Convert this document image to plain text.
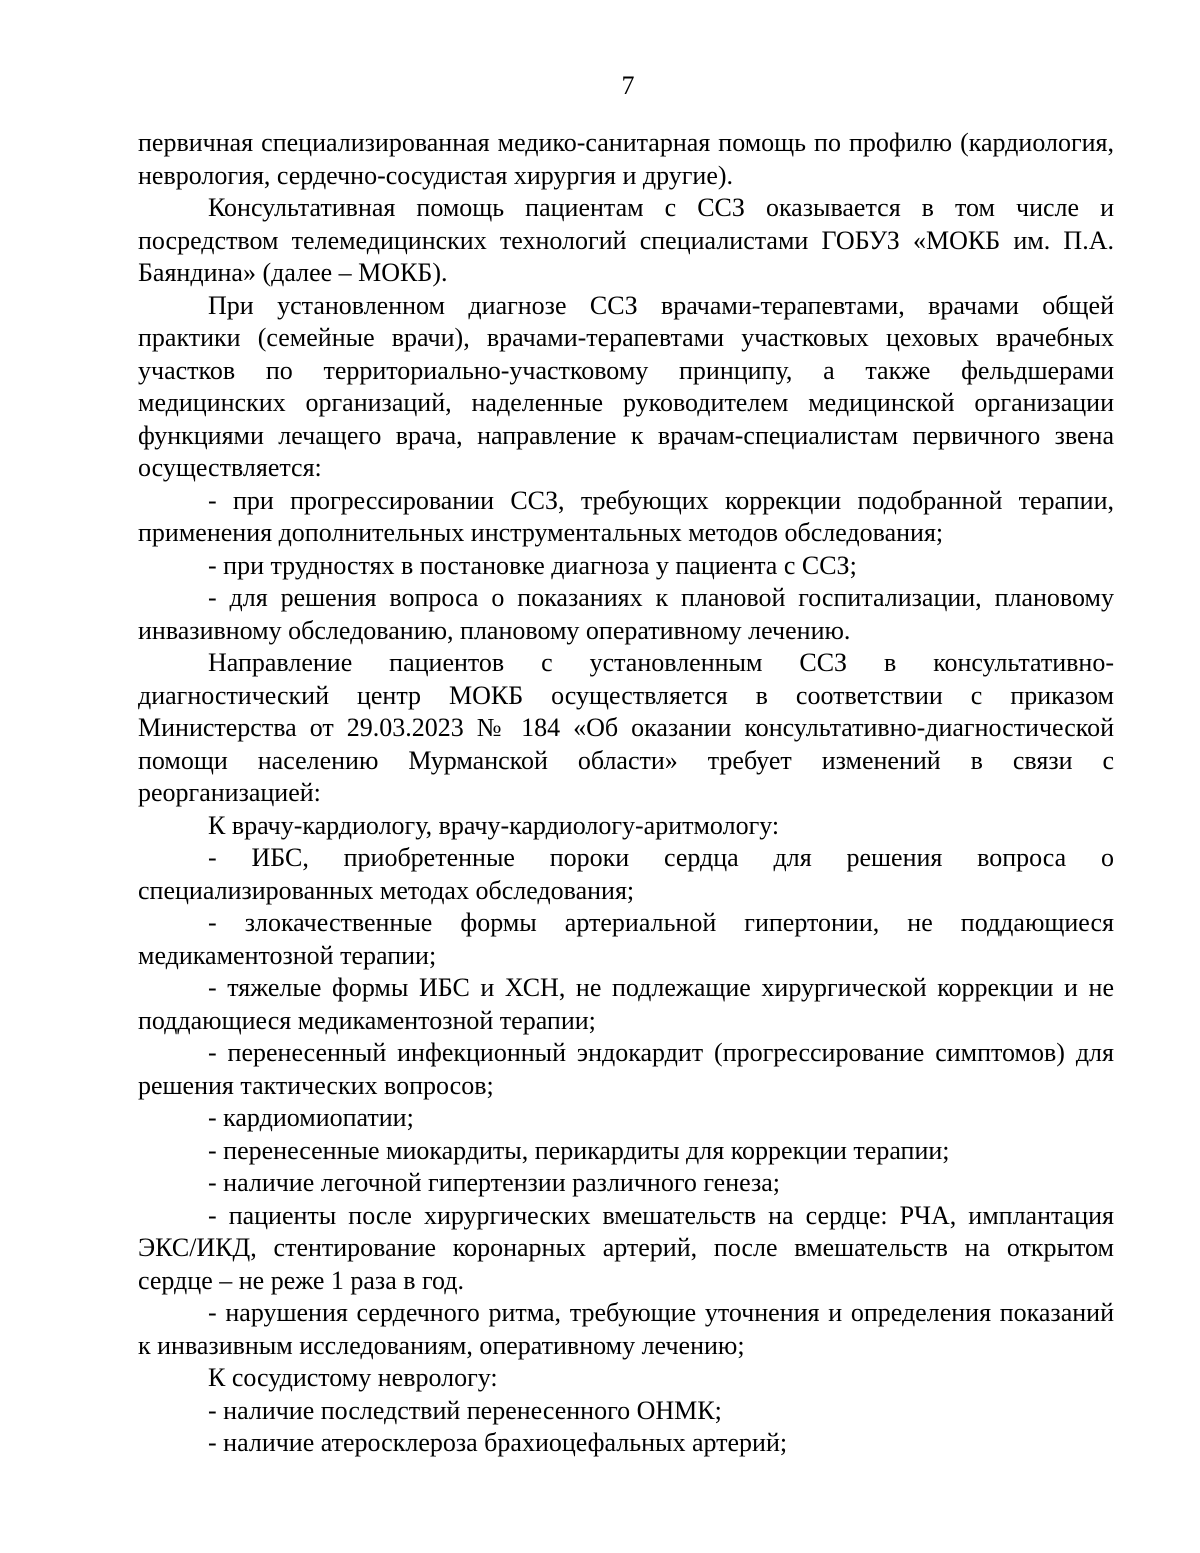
7

первичная специализированная медико-санитарная помощь по профилю (кардиология, неврология, сердечно-сосудистая хирургия и другие).

Консультативная помощь пациентам с ССЗ оказывается в том числе и посредством телемедицинских технологий специалистами ГОБУЗ «МОКБ им. П.А. Баяндина» (далее – МОКБ).

При установленном диагнозе ССЗ врачами-терапевтами, врачами общей практики (семейные врачи), врачами-терапевтами участковых цеховых врачебных участков по территориально-участковому принципу, а также фельдшерами медицинских организаций, наделенные руководителем медицинской организации функциями лечащего врача, направление к врачам-специалистам первичного звена осуществляется:

- при прогрессировании ССЗ, требующих коррекции подобранной терапии, применения дополнительных инструментальных методов обследования;

- при трудностях в постановке диагноза у пациента с ССЗ;

- для решения вопроса о показаниях к плановой госпитализации, плановому инвазивному обследованию, плановому оперативному лечению.

Направление пациентов с установленным ССЗ в консультативно-диагностический центр МОКБ осуществляется в соответствии с приказом Министерства от 29.03.2023 № 184 «Об оказании консультативно-диагностической помощи населению Мурманской области» требует изменений в связи с реорганизацией:

К врачу-кардиологу, врачу-кардиологу-аритмологу:

- ИБС, приобретенные пороки сердца для решения вопроса о специализированных методах обследования;

- злокачественные формы артериальной гипертонии, не поддающиеся медикаментозной терапии;

- тяжелые формы ИБС и ХСН, не подлежащие хирургической коррекции и не поддающиеся медикаментозной терапии;

- перенесенный инфекционный эндокардит (прогрессирование симптомов) для решения тактических вопросов;

- кардиомиопатии;

- перенесенные миокардиты, перикардиты для коррекции терапии;

- наличие легочной гипертензии различного генеза;

- пациенты после хирургических вмешательств на сердце: РЧА, имплантация ЭКС/ИКД, стентирование коронарных артерий, после вмешательств на открытом сердце – не реже 1 раза в год.

- нарушения сердечного ритма, требующие уточнения и определения показаний к инвазивным исследованиям, оперативному лечению;

К сосудистому неврологу:

- наличие последствий перенесенного ОНМК;

- наличие атеросклероза брахиоцефальных артерий;
